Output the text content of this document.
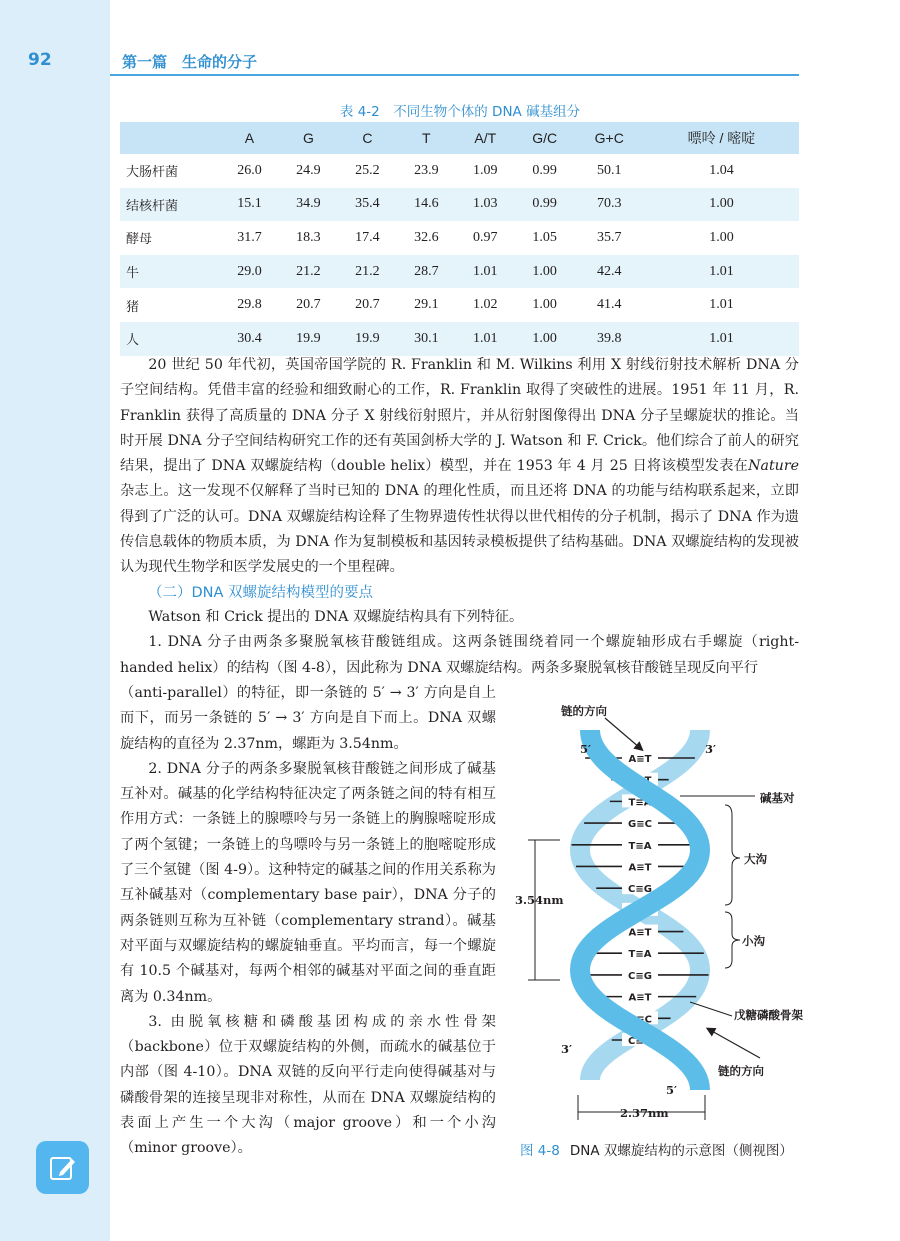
92	第一篇　生命的分子
表 4-2　不同生物个体的 DNA 碱基组分
	A	G	C	T	A/T	G/C	G+C	嘌呤 / 嘧啶
大肠杆菌	26.0	24.9	25.2	23.9	1.09	0.99	50.1	1.04
结核杆菌	15.1	34.9	35.4	14.6	1.03	0.99	70.3	1.00
酵母	31.7	18.3	17.4	32.6	0.97	1.05	35.7	1.00
牛	29.0	21.2	21.2	28.7	1.01	1.00	42.4	1.01
猪	29.8	20.7	20.7	29.1	1.02	1.00	41.4	1.01
人	30.4	19.9	19.9	30.1	1.01	1.00	39.8	1.01

20 世纪 50 年代初，英国帝国学院的 R. Franklin 和 M. Wilkins 利用 X 射线衍射技术解析 DNA 分子空间结构。凭借丰富的经验和细致耐心的工作，R. Franklin 取得了突破性的进展。1951 年 11 月，R. Franklin 获得了高质量的 DNA 分子 X 射线衍射照片，并从衍射图像得出 DNA 分子呈螺旋状的推论。当时开展 DNA 分子空间结构研究工作的还有英国剑桥大学的 J. Watson 和 F. Crick。他们综合了前人的研究结果，提出了 DNA 双螺旋结构（double helix）模型，并在 1953 年 4 月 25 日将该模型发表在Nature杂志上。这一发现不仅解释了当时已知的 DNA 的理化性质，而且还将 DNA 的功能与结构联系起来，立即得到了广泛的认可。DNA 双螺旋结构诠释了生物界遗传性状得以世代相传的分子机制，揭示了 DNA 作为遗传信息载体的物质本质，为 DNA 作为复制模板和基因转录模板提供了结构基础。DNA 双螺旋结构的发现被认为现代生物学和医学发展史的一个里程碑。

（二）DNA 双螺旋结构模型的要点

Watson 和 Crick 提出的 DNA 双螺旋结构具有下列特征。

1. DNA 分子由两条多聚脱氧核苷酸链组成。这两条链围绕着同一个螺旋轴形成右手螺旋（right-handed helix）的结构（图 4-8），因此称为 DNA 双螺旋结构。两条多聚脱氧核苷酸链呈现反向平行

（anti-parallel）的特征，即一条链的 5′ → 3′ 方向是自上而下，而另一条链的 5′ → 3′ 方向是自下而上。DNA 双螺旋结构的直径为 2.37nm，螺距为 3.54nm。

2. DNA 分子的两条多聚脱氧核苷酸链之间形成了碱基互补对。碱基的化学结构特征决定了两条链之间的特有相互作用方式：一条链上的腺嘌呤与另一条链上的胸腺嘧啶形成了两个氢键；一条链上的鸟嘌呤与另一条链上的胞嘧啶形成了三个氢键（图 4-9）。这种特定的碱基之间的作用关系称为互补碱基对（complementary base pair），DNA 分子的两条链则互称为互补链（complementary strand）。碱基对平面与双螺旋结构的螺旋轴垂直。平均而言，每一个螺旋有 10.5 个碱基对，每两个相邻的碱基对平面之间的垂直距离为 0.34nm。

3. 由脱氧核糖和磷酸基团构成的亲水性骨架（backbone）位于双螺旋结构的外侧，而疏水的碱基位于内部（图 4-10）。DNA 双链的反向平行走向使得碱基对与磷酸骨架的连接呈现非对称性，从而在 DNA 双螺旋结构的表面上产生一个大沟（major groove）和一个小沟（minor groove）。

A≡T
A≡T
T≡A
G≡C
T≡A
A≡T
C≡G
T≡A
A≡T
T≡A
C≡G
A≡T
G≡C
C≡G
链的方向
5′	3′
碱基对
大沟
小沟
3.54nm
戊糖磷酸骨架
3′
链的方向
5′
2.37nm
图 4-8 DNA 双螺旋结构的示意图（侧视图）
